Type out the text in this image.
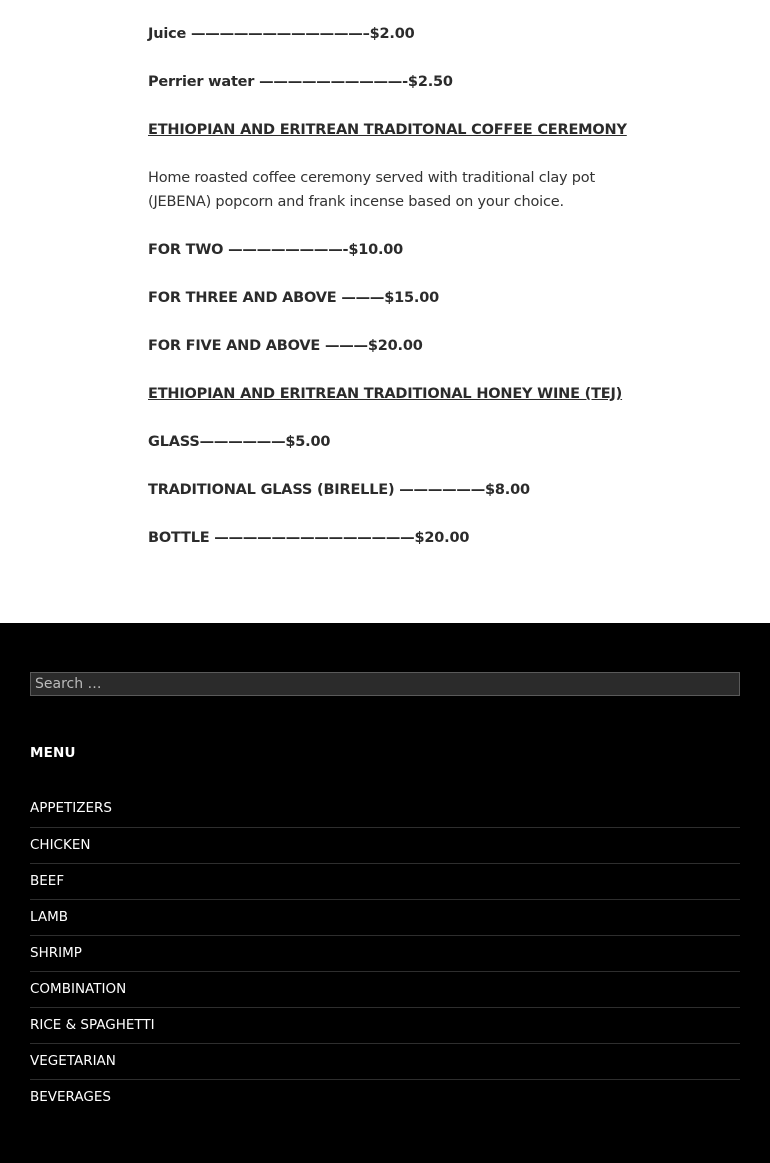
Juice ————————————–$2.00
Perrier water ——————————-$2.50
ETHIOPIAN AND ERITREAN TRADITONAL COFFEE CEREMONY
Home roasted coffee ceremony served with traditional clay pot (JEBENA) popcorn and frank incense based on your choice.
FOR TWO ————————-$10.00
FOR THREE AND ABOVE ———$15.00
FOR FIVE AND ABOVE ———$20.00
ETHIOPIAN AND ERITREAN TRADITIONAL HONEY WINE (TEJ)
GLASS——————$5.00
TRADITIONAL GLASS (BIRELLE) ——————$8.00
BOTTLE ——————————————$20.00
Search …
MENU
APPETIZERS
CHICKEN
BEEF
LAMB
SHRIMP
COMBINATION
RICE & SPAGHETTI
VEGETARIAN
BEVERAGES
